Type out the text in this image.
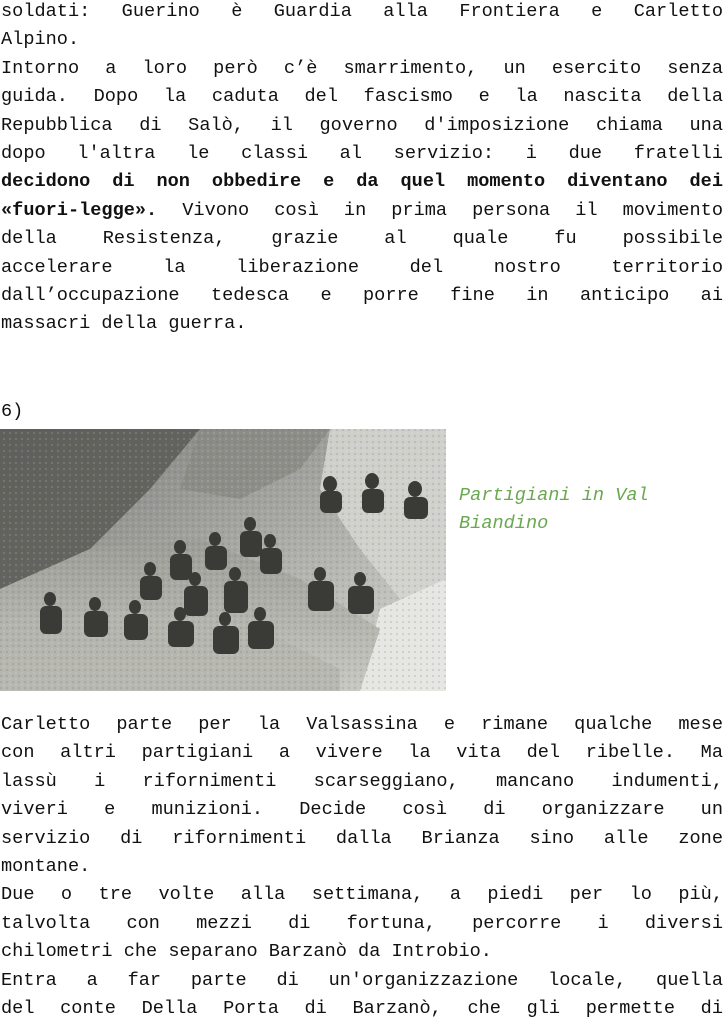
soldati: Guerino è Guardia alla Frontiera e Carletto
Alpino.
Intorno a loro però c’è smarrimento, un esercito senza
guida. Dopo la caduta del fascismo e la nascita della
Repubblica di Salò, il governo d'imposizione chiama una
dopo l'altra le classi al servizio: i due fratelli
decidono di non obbedire e da quel momento diventano dei
«fuori-legge». Vivono così in prima persona il movimento
della Resistenza, grazie al quale fu possibile
accelerare la liberazione del nostro territorio
dall’occupazione tedesca e porre fine in anticipo ai
massacri della guerra.
6)
Partigiani in Val
Biandino
Carletto parte per la Valsassina e rimane qualche mese
con altri partigiani a vivere la vita del ribelle. Ma
lassù i rifornimenti scarseggiano, mancano indumenti,
viveri e munizioni. Decide così di organizzare un
servizio di rifornimenti dalla Brianza sino alle zone
montane.
Due o tre volte alla settimana, a piedi per lo più,
talvolta con mezzi di fortuna, percorre i diversi
chilometri che separano Barzanò da Introbio.
Entra a far parte di un'organizzazione locale, quella
del conte Della Porta di Barzanò, che gli permette di
